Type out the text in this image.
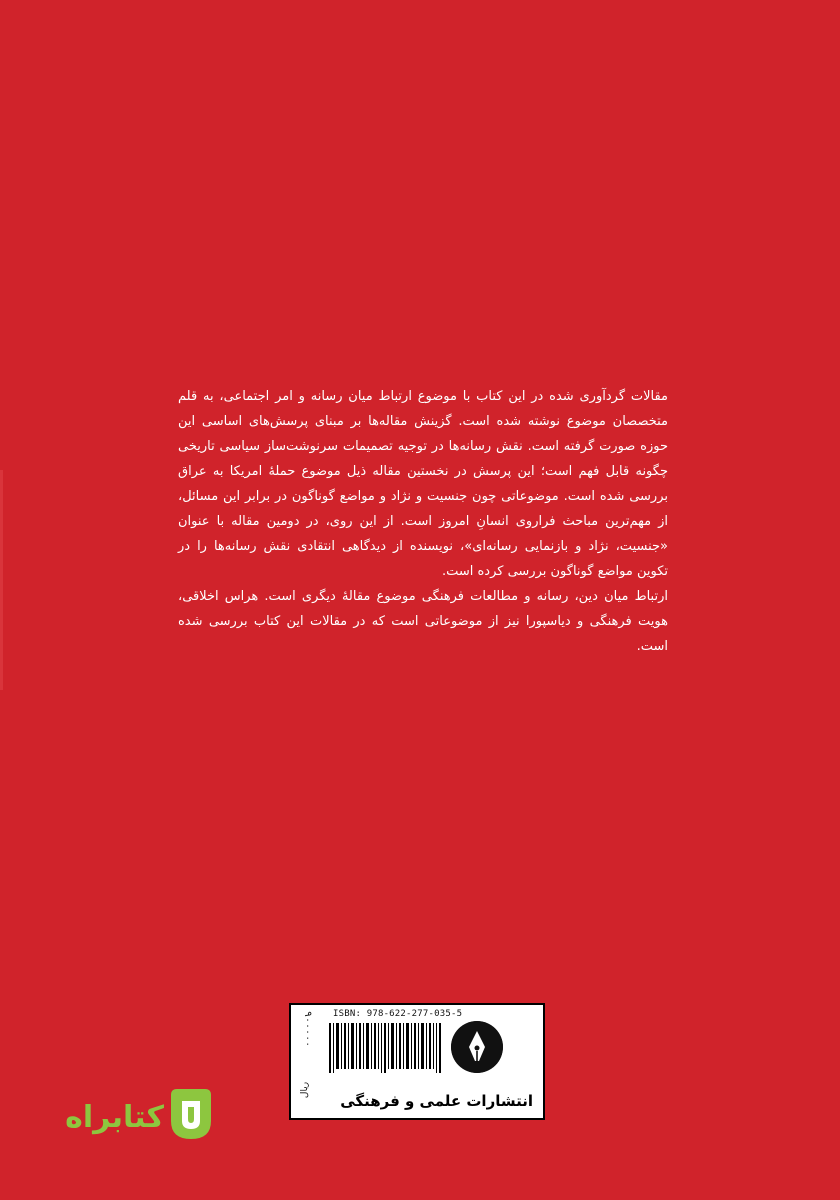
مقالات گردآوری شده در این کتاب با موضوع ارتباط میان رسانه و امر اجتماعی، به قلم متخصصان موضوع نوشته شده است. گزینش مقاله‌ها بر مبنای پرسش‌های اساسی این حوزه صورت گرفته است. نقش رسانه‌ها در توجیه تصمیمات سرنوشت‌ساز سیاسی تاریخی چگونه قابل فهم است؛ این پرسش در نخستین مقاله ذیل موضوع حملهٔ امریکا به عراق بررسی شده است. موضوعاتی چون جنسیت و نژاد و مواضع گوناگون در برابر این مسائل، از مهم‌ترین مباحث فراروی انسانِ امروز است. از این روی، در دومین مقاله با عنوان «جنسیت، نژاد و بازنمایی رسانه‌ای»، نویسنده از دیدگاهی انتقادی نقش رسانه‌ها را در تکوین مواضع گوناگون بررسی کرده است.

ارتباط میان دین، رسانه و مطالعات فرهنگی موضوع مقالهٔ دیگری است. هراس اخلاقی، هویت فرهنگی و دیاسپورا نیز از موضوعاتی است که در مقالات این کتاب بررسی شده است.

۹۰۰۰۰۰
ریال
ISBN: 978-622-277-035-5
انتشارات علمی و فرهنگی
کتابراه
